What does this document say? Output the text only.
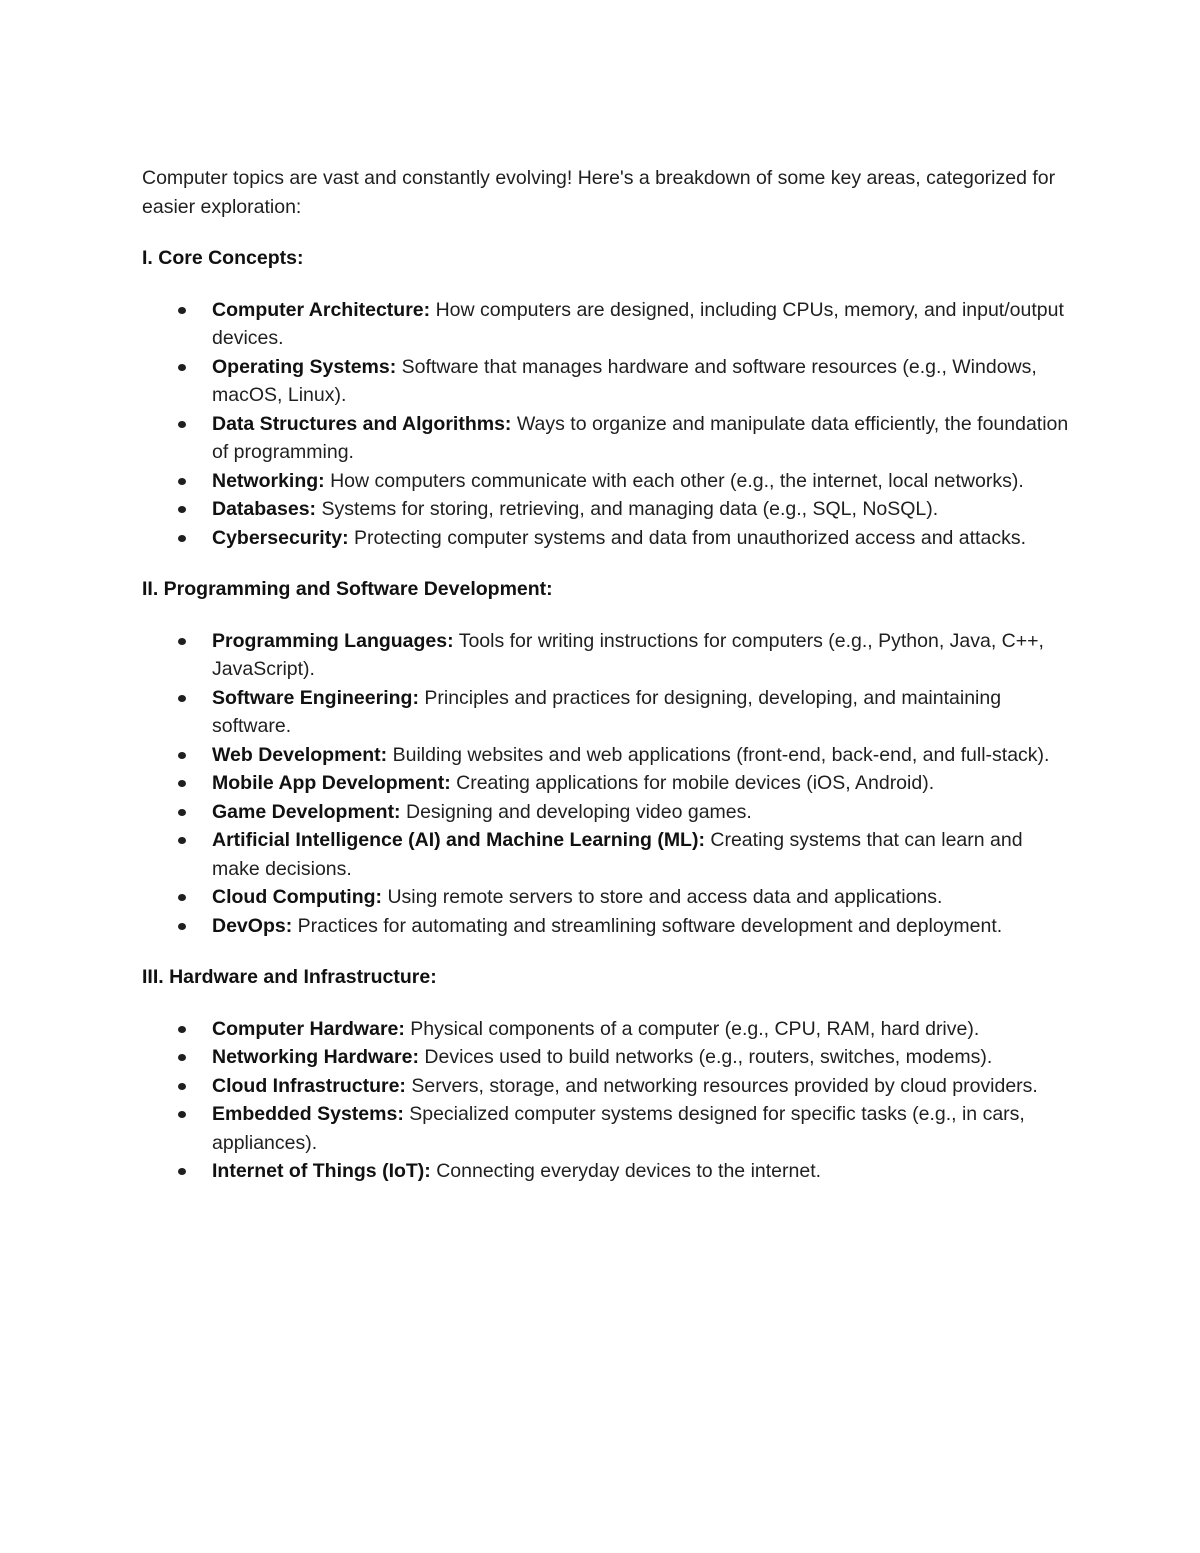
Computer topics are vast and constantly evolving! Here's a breakdown of some key areas, categorized for easier exploration:

I. Core Concepts:

Computer Architecture: How computers are designed, including CPUs, memory, and input/output devices.
Operating Systems: Software that manages hardware and software resources (e.g., Windows, macOS, Linux).
Data Structures and Algorithms: Ways to organize and manipulate data efficiently, the foundation of programming.
Networking: How computers communicate with each other (e.g., the internet, local networks).
Databases: Systems for storing, retrieving, and managing data (e.g., SQL, NoSQL).
Cybersecurity: Protecting computer systems and data from unauthorized access and attacks.

II. Programming and Software Development:

Programming Languages: Tools for writing instructions for computers (e.g., Python, Java, C++, JavaScript).
Software Engineering: Principles and practices for designing, developing, and maintaining software.
Web Development: Building websites and web applications (front-end, back-end, and full-stack).
Mobile App Development: Creating applications for mobile devices (iOS, Android).
Game Development: Designing and developing video games.
Artificial Intelligence (AI) and Machine Learning (ML): Creating systems that can learn and make decisions.
Cloud Computing: Using remote servers to store and access data and applications.
DevOps: Practices for automating and streamlining software development and deployment.

III. Hardware and Infrastructure:

Computer Hardware: Physical components of a computer (e.g., CPU, RAM, hard drive).
Networking Hardware: Devices used to build networks (e.g., routers, switches, modems).
Cloud Infrastructure: Servers, storage, and networking resources provided by cloud providers.
Embedded Systems: Specialized computer systems designed for specific tasks (e.g., in cars, appliances).
Internet of Things (IoT): Connecting everyday devices to the internet.
